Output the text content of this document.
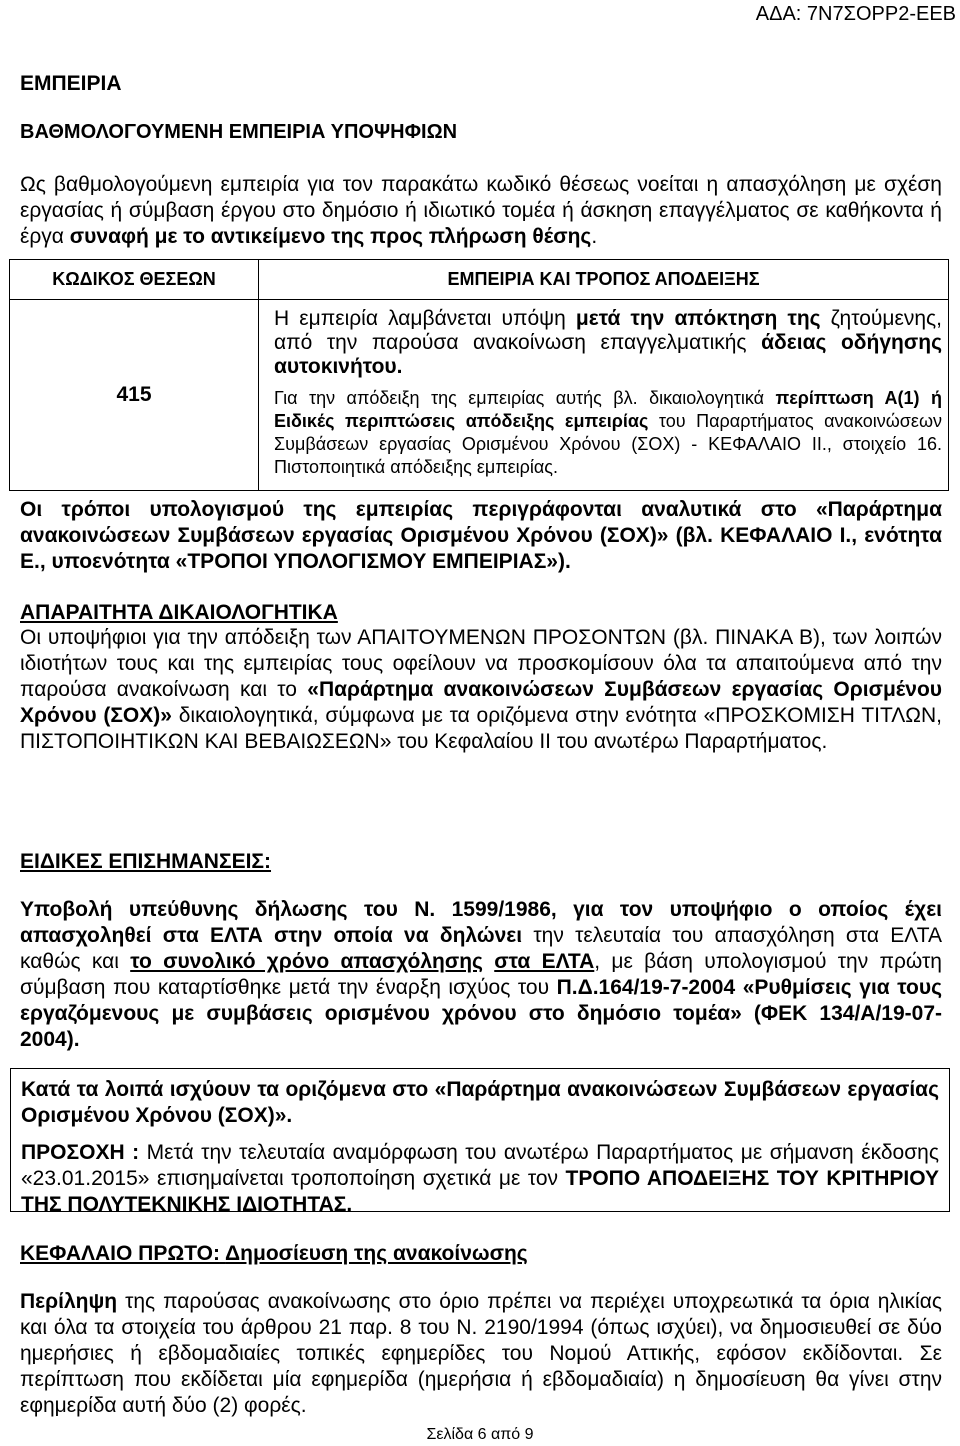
ΑΔΑ: 7Ν7ΣΟΡΡ2-ΕΕΒ
ΕΜΠΕΙΡΙΑ
ΒΑΘΜΟΛΟΓΟΥΜΕΝΗ ΕΜΠΕΙΡΙΑ ΥΠΟΨΗΦΙΩΝ
Ως βαθμολογούμενη εμπειρία για τον παρακάτω κωδικό θέσεως νοείται η απασχόληση με σχέση εργασίας ή σύμβαση έργου στο δημόσιο ή ιδιωτικό τομέα ή άσκηση επαγγέλματος σε καθήκοντα ή έργα συναφή με το αντικείμενο της προς πλήρωση θέσης.
ΚΩΔΙΚΟΣ ΘΕΣΕΩΝ	ΕΜΠΕΙΡΙΑ ΚΑΙ ΤΡΟΠΟΣ ΑΠΟΔΕΙΞΗΣ
415	Η εμπειρία λαμβάνεται υπόψη μετά την απόκτηση της ζητούμενης, από την παρούσα ανακοίνωση επαγγελματικής άδειας οδήγησης αυτοκινήτου.
Για την απόδειξη της εμπειρίας αυτής βλ. δικαιολογητικά περίπτωση Α(1) ή Ειδικές περιπτώσεις απόδειξης εμπειρίας του Παραρτήματος ανακοινώσεων Συμβάσεων εργασίας Ορισμένου Χρόνου (ΣΟΧ) - ΚΕΦΑΛΑΙΟ ΙΙ., στοιχείο 16. Πιστοποιητικά απόδειξης εμπειρίας.
Οι τρόποι υπολογισμού της εμπειρίας περιγράφονται αναλυτικά στο «Παράρτημα ανακοινώσεων Συμβάσεων εργασίας Ορισμένου Χρόνου (ΣΟΧ)» (βλ. ΚΕΦΑΛΑΙΟ Ι., ενότητα Ε., υποενότητα «ΤΡΟΠΟΙ ΥΠΟΛΟΓΙΣΜΟΥ ΕΜΠΕΙΡΙΑΣ»).
ΑΠΑΡΑΙΤΗΤΑ ΔΙΚΑΙΟΛΟΓΗΤΙΚΑ
Οι υποψήφιοι για την απόδειξη των ΑΠΑΙΤΟΥΜΕΝΩΝ ΠΡΟΣΟΝΤΩΝ (βλ. ΠΙΝΑΚΑ Β), των λοιπών ιδιοτήτων τους και της εμπειρίας τους οφείλουν να προσκομίσουν όλα τα απαιτούμενα από την παρούσα ανακοίνωση και το «Παράρτημα ανακοινώσεων Συμβάσεων εργασίας Ορισμένου Χρόνου (ΣΟΧ)» δικαιολογητικά, σύμφωνα με τα οριζόμενα στην ενότητα «ΠΡΟΣΚΟΜΙΣΗ ΤΙΤΛΩΝ, ΠΙΣΤΟΠΟΙΗΤΙΚΩΝ ΚΑΙ ΒΕΒΑΙΩΣΕΩΝ» του Κεφαλαίου ΙΙ του ανωτέρω Παραρτήματος.
ΕΙΔΙΚΕΣ ΕΠΙΣΗΜΑΝΣΕΙΣ:
Υποβολή υπεύθυνης δήλωσης του Ν. 1599/1986, για τον υποψήφιο ο οποίος έχει απασχοληθεί στα ΕΛΤΑ στην οποία να δηλώνει την τελευταία του απασχόληση στα ΕΛΤΑ καθώς και το συνολικό χρόνο απασχόλησης στα ΕΛΤΑ, με βάση υπολογισμού την πρώτη σύμβαση που καταρτίσθηκε μετά την έναρξη ισχύος του Π.Δ.164/19-7-2004 «Ρυθμίσεις για τους εργαζόμενους με συμβάσεις ορισμένου χρόνου στο δημόσιο τομέα» (ΦΕΚ 134/Α/19-07-2004).
Κατά τα λοιπά ισχύουν τα οριζόμενα στο «Παράρτημα ανακοινώσεων Συμβάσεων εργασίας Ορισμένου Χρόνου (ΣΟΧ)».
ΠΡΟΣΟΧΗ : Μετά την τελευταία αναμόρφωση του ανωτέρω Παραρτήματος με σήμανση έκδοσης «23.01.2015» επισημαίνεται τροποποίηση σχετικά με τον ΤΡΟΠΟ ΑΠΟΔΕΙΞΗΣ ΤΟΥ ΚΡΙΤΗΡΙΟΥ ΤΗΣ ΠΟΛΥΤΕΚΝΙΚΗΣ ΙΔΙΟΤΗΤΑΣ.
ΚΕΦΑΛΑΙΟ ΠΡΩΤΟ: Δημοσίευση της ανακοίνωσης
Περίληψη της παρούσας ανακοίνωσης στο όριο πρέπει να περιέχει υποχρεωτικά τα όρια ηλικίας και όλα τα στοιχεία του άρθρου 21 παρ. 8 του Ν. 2190/1994 (όπως ισχύει), να δημοσιευθεί σε δύο ημερήσιες ή εβδομαδιαίες τοπικές εφημερίδες του Νομού Αττικής, εφόσον εκδίδονται. Σε περίπτωση που εκδίδεται μία εφημερίδα (ημερήσια ή εβδομαδιαία) η δημοσίευση θα γίνει στην εφημερίδα αυτή δύο (2) φορές.
Σελίδα 6 από 9
